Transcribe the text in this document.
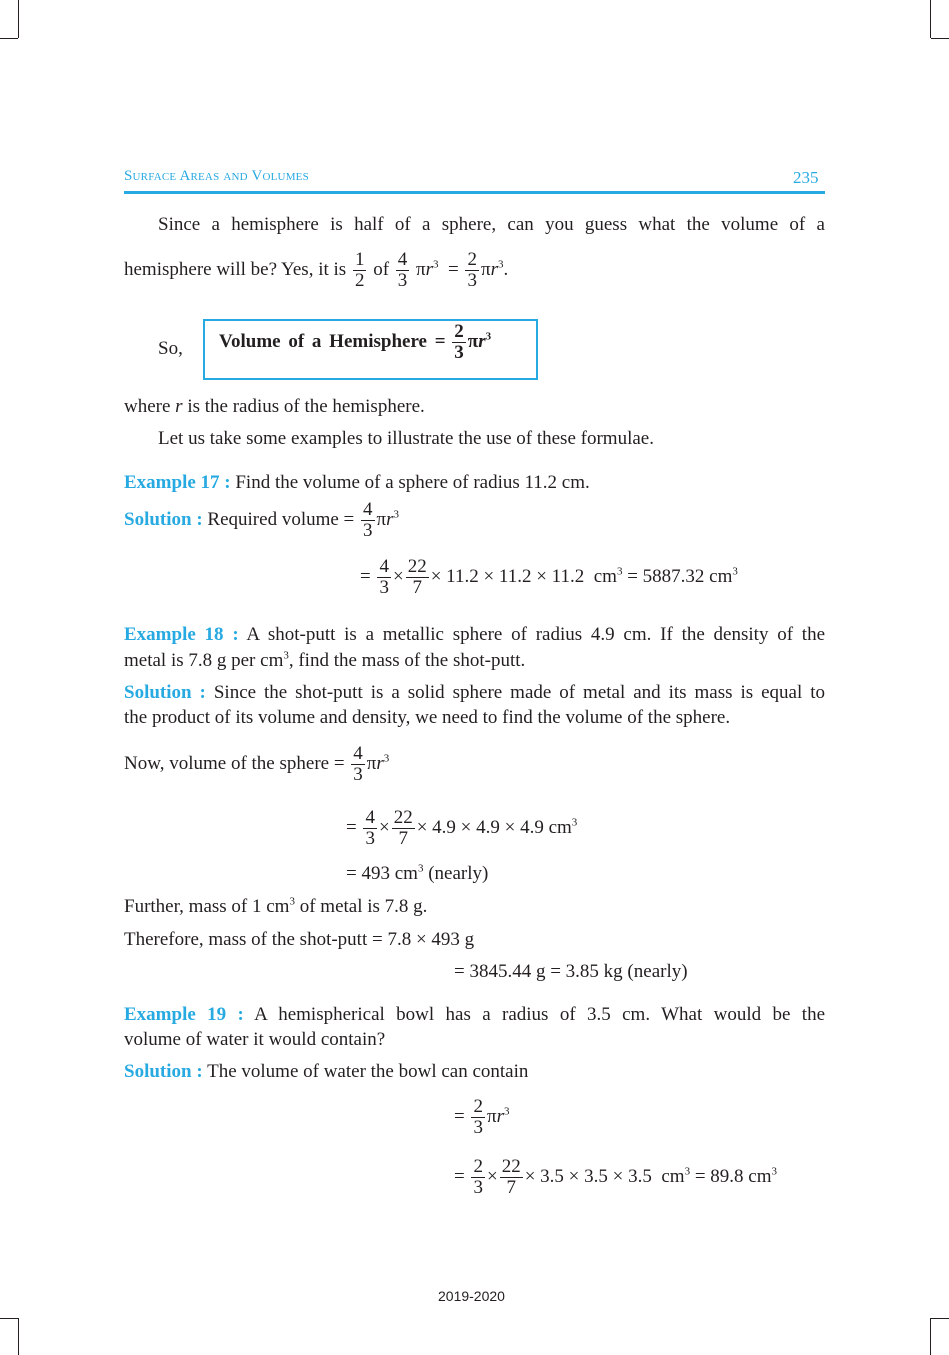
Surface Areas and Volumes	235
Since a hemisphere is half of a sphere, can you guess what the volume of a
hemisphere will be? Yes, it is $\frac{1}{2}$ of $\frac{4}{3} \pi r^3 = \frac{2}{3} \pi r^3$.
So, Volume of a Hemisphere = $\frac{2}{3} \pi r^3$
where r is the radius of the hemisphere.
Let us take some examples to illustrate the use of these formulae.
Example 17 : Find the volume of a sphere of radius 11.2 cm.
Solution : Required volume = $\frac{4}{3} \pi r^3$
= $\frac{4}{3} \times \frac{22}{7} \times 11.2 \times 11.2 \times 11.2$ $cm^3 = 5887.32$ $cm^3$
Example 18 : A shot-putt is a metallic sphere of radius 4.9 cm. If the density of the
metal is 7.8 g per $cm^3$, find the mass of the shot-putt.
Solution : Since the shot-putt is a solid sphere made of metal and its mass is equal to
the product of its volume and density, we need to find the volume of the sphere.
Now, volume of the sphere = $\frac{4}{3} \pi r^3$
= $\frac{4}{3} \times \frac{22}{7} \times 4.9 \times 4.9 \times 4.9$ $cm^3$
= 493 $cm^3$ (nearly)
Further, mass of 1 $cm^3$ of metal is 7.8 g.
Therefore, mass of the shot-putt = 7.8 × 493 g
= 3845.44 g = 3.85 kg (nearly)
Example 19 : A hemispherical bowl has a radius of 3.5 cm. What would be the
volume of water it would contain?
Solution : The volume of water the bowl can contain
= $\frac{2}{3} \pi r^3$
= $\frac{2}{3} \times \frac{22}{7} \times 3.5 \times 3.5 \times 3.5$ $cm^3 = 89.8$ $cm^3$
2019-2020
